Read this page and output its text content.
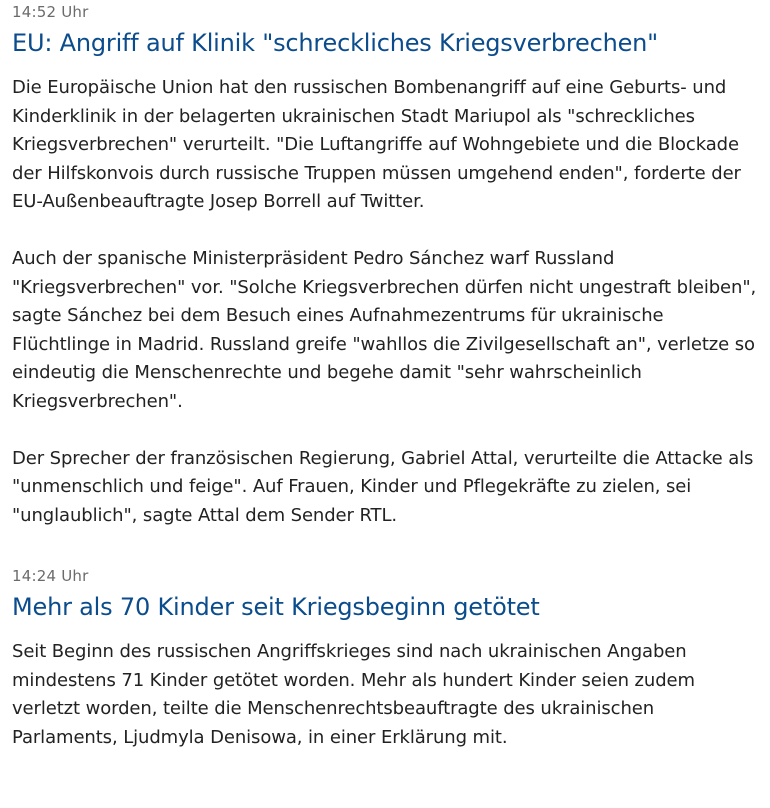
14:52 Uhr
EU: Angriff auf Klinik "schreckliches Kriegsverbrechen"

Die Europäische Union hat den russischen Bombenangriff auf eine Geburts- und Kinderklinik in der belagerten ukrainischen Stadt Mariupol als "schreckliches Kriegsverbrechen" verurteilt. "Die Luftangriffe auf Wohngebiete und die Blockade der Hilfskonvois durch russische Truppen müssen umgehend enden", forderte der EU-Außenbeauftragte Josep Borrell auf Twitter.

Auch der spanische Ministerpräsident Pedro Sánchez warf Russland "Kriegsverbrechen" vor. "Solche Kriegsverbrechen dürfen nicht ungestraft bleiben", sagte Sánchez bei dem Besuch eines Aufnahmezentrums für ukrainische Flüchtlinge in Madrid. Russland greife "wahllos die Zivilgesellschaft an", verletze so eindeutig die Menschenrechte und begehe damit "sehr wahrscheinlich Kriegsverbrechen".

Der Sprecher der französischen Regierung, Gabriel Attal, verurteilte die Attacke als "unmenschlich und feige". Auf Frauen, Kinder und Pflegekräfte zu zielen, sei "unglaublich", sagte Attal dem Sender RTL.

14:24 Uhr
Mehr als 70 Kinder seit Kriegsbeginn getötet

Seit Beginn des russischen Angriffskrieges sind nach ukrainischen Angaben mindestens 71 Kinder getötet worden. Mehr als hundert Kinder seien zudem verletzt worden, teilte die Menschenrechtsbeauftragte des ukrainischen Parlaments, Ljudmyla Denisowa, in einer Erklärung mit.
